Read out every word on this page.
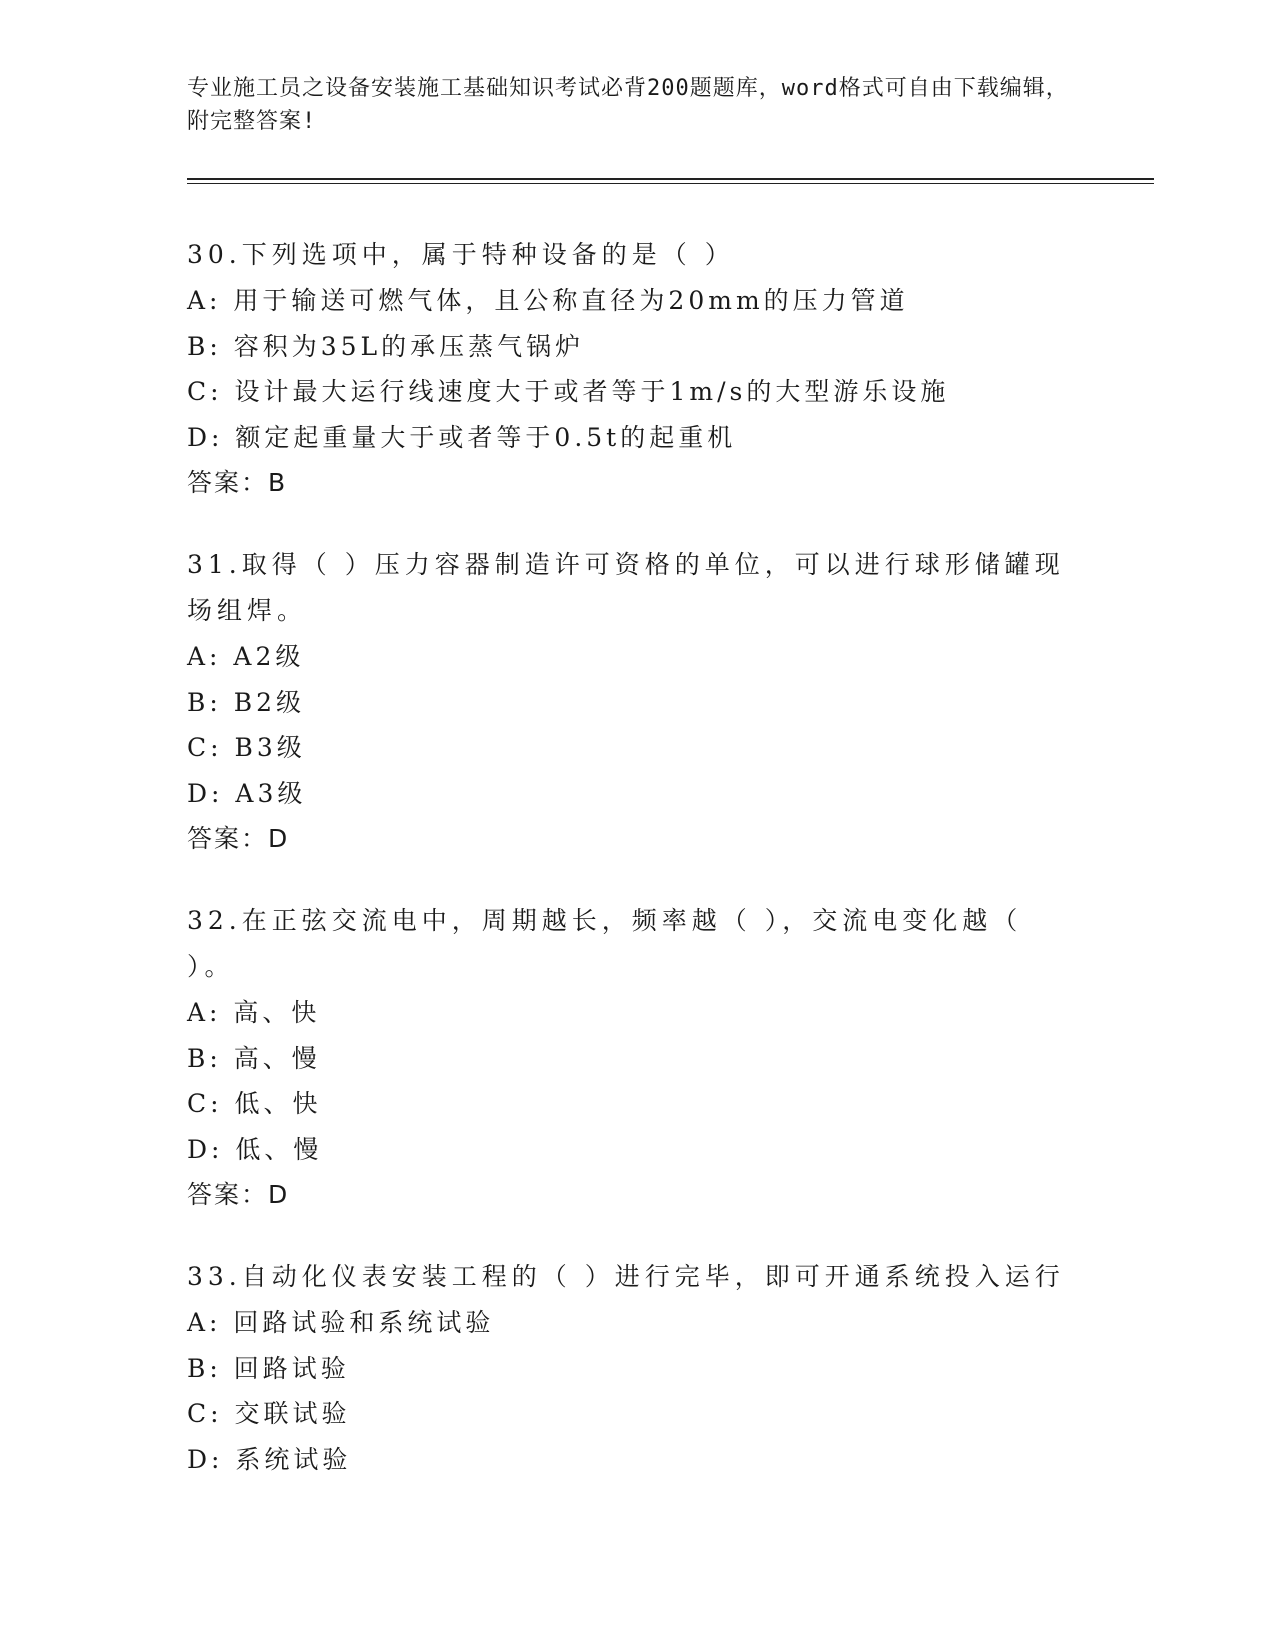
专业施工员之设备安装施工基础知识考试必背200题题库，word格式可自由下载编辑，附完整答案!
30.下列选项中，属于特种设备的是（ ）
A: 用于输送可燃气体，且公称直径为20mm的压力管道
B: 容积为35L的承压蒸气锅炉
C: 设计最大运行线速度大于或者等于1m/s的大型游乐设施
D: 额定起重量大于或者等于0.5t的起重机
答案：B
31.取得（ ）压力容器制造许可资格的单位，可以进行球形储罐现场组焊。
A: A2级
B: B2级
C: B3级
D: A3级
答案：D
32.在正弦交流电中，周期越长，频率越（ ），交流电变化越（ ）。
A: 高、快
B: 高、慢
C: 低、快
D: 低、慢
答案：D
33.自动化仪表安装工程的（ ）进行完毕，即可开通系统投入运行
A: 回路试验和系统试验
B: 回路试验
C: 交联试验
D: 系统试验
